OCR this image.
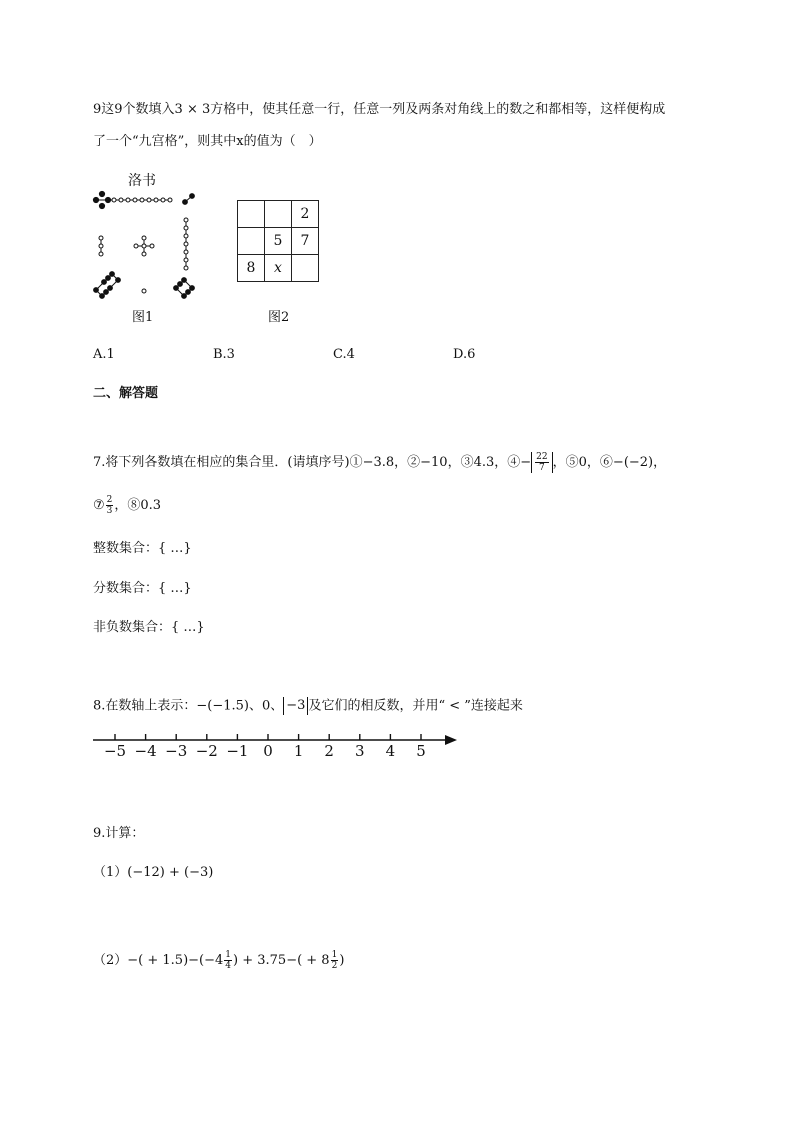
9这9个数填入3 × 3方格中，使其任意一行，任意一列及两条对角线上的数之和都相等，这样便构成
了一个“九宫格”，则其中x的值为（　）
洛书
图1
		2
	5	7
8	x	
图2
A.1	B.3	C.4	D.6
二、解答题
7.将下列各数填在相应的集合里．(请填序号)①−3.8，②−10，③4.3，④− $\frac{22}{7}$ ，⑤0，⑥−(−2)，
⑦ $\frac{2}{3}$ ，⑧0.3
整数集合：{ …}
分数集合：{ …}
非负数集合：{ …}
8.在数轴上表示：−(−1.5)、0、 −3 及它们的相反数，并用“ < ”连接起来
−5 −4 −3 −2 −1 0 1 2 3 4 5
9.计算：
（1）(−12) + (−3)
$(2)-( + 1.5)-(-4 \frac{1}{4}$ ) + $3.75-( + 8 \frac{1}{2}$ )
